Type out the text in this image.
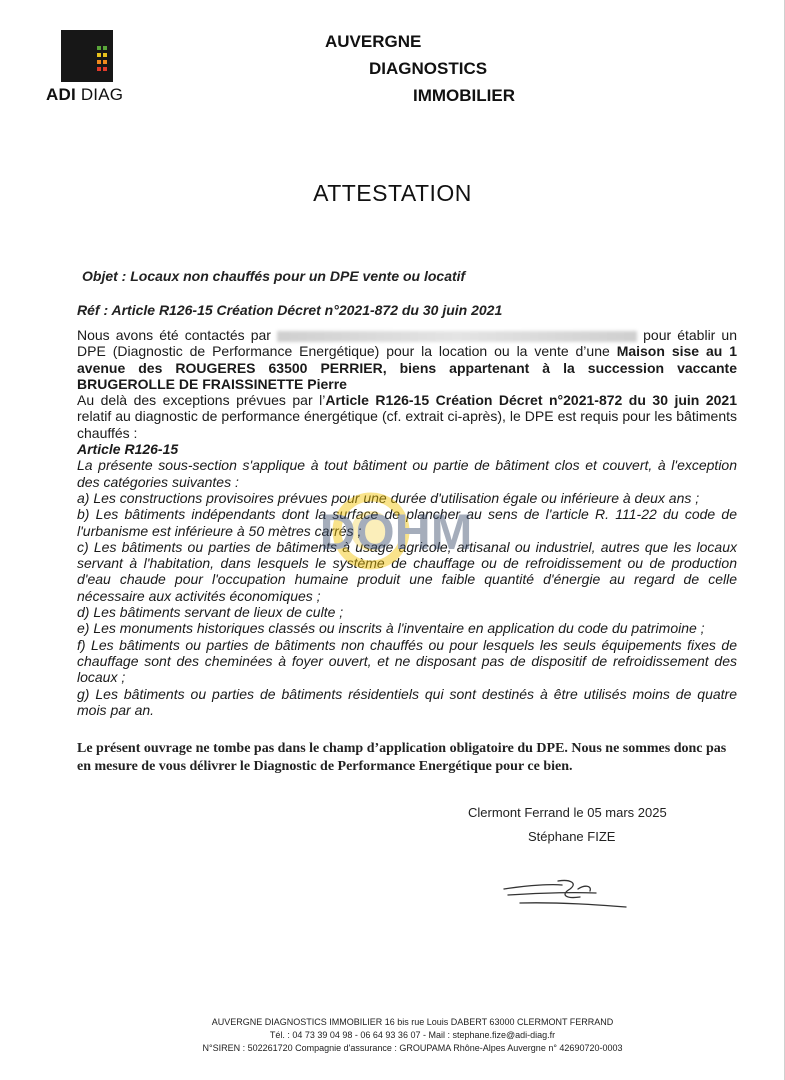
ADI DIAG
AUVERGNE
DIAGNOSTICS
IMMOBILIER
ATTESTATION
Objet : Locaux non chauffés pour un DPE vente ou locatif
Réf : Article R126-15 Création Décret n°2021-872 du 30 juin 2021

Nous avons été contactés par	pour établir un DPE (Diagnostic de Performance Energétique) pour la location ou la vente d’une Maison sise au 1 avenue des ROUGERES 63500 PERRIER, biens appartenant à la succession vaccante BRUGEROLLE DE FRAISSINETTE Pierre

Au delà des exceptions prévues par l’Article R126-15 Création Décret n°2021-872 du 30 juin 2021 relatif au diagnostic de performance énergétique (cf. extrait ci-après), le DPE est requis pour les bâtiments chauffés :

Article R126-15

La présente sous-section s'applique à tout bâtiment ou partie de bâtiment clos et couvert, à l'exception des catégories suivantes :

a) Les constructions provisoires prévues pour une durée d'utilisation égale ou inférieure à deux ans ;

b) Les bâtiments indépendants dont la surface de plancher au sens de l'article R. 111-22 du code de l'urbanisme est inférieure à 50 mètres carrés ;

c) Les bâtiments ou parties de bâtiments à usage agricole, artisanal ou industriel, autres que les locaux servant à l'habitation, dans lesquels le système de chauffage ou de refroidissement ou de production d'eau chaude pour l'occupation humaine produit une faible quantité d'énergie au regard de celle nécessaire aux activités économiques ;

d) Les bâtiments servant de lieux de culte ;

e) Les monuments historiques classés ou inscrits à l'inventaire en application du code du patrimoine ;

f) Les bâtiments ou parties de bâtiments non chauffés ou pour lesquels les seuls équipements fixes de chauffage sont des cheminées à foyer ouvert, et ne disposant pas de dispositif de refroidissement des locaux ;

g) Les bâtiments ou parties de bâtiments résidentiels qui sont destinés à être utilisés moins de quatre mois par an.

DOHM
Le présent ouvrage ne tombe pas dans le champ d’application obligatoire du DPE. Nous ne sommes donc pas en mesure de vous délivrer le Diagnostic de Performance Energétique pour ce bien.
Clermont Ferrand le 05 mars 2025
Stéphane FIZE
AUVERGNE DIAGNOSTICS IMMOBILIER 16 bis rue Louis DABERT 63000 CLERMONT FERRAND
Tél. : 04 73 39 04 98 - 06 64 93 36 07 - Mail : stephane.fize@adi-diag.fr
N°SIREN : 502261720 Compagnie d'assurance : GROUPAMA Rhône-Alpes Auvergne n° 42690720-0003
